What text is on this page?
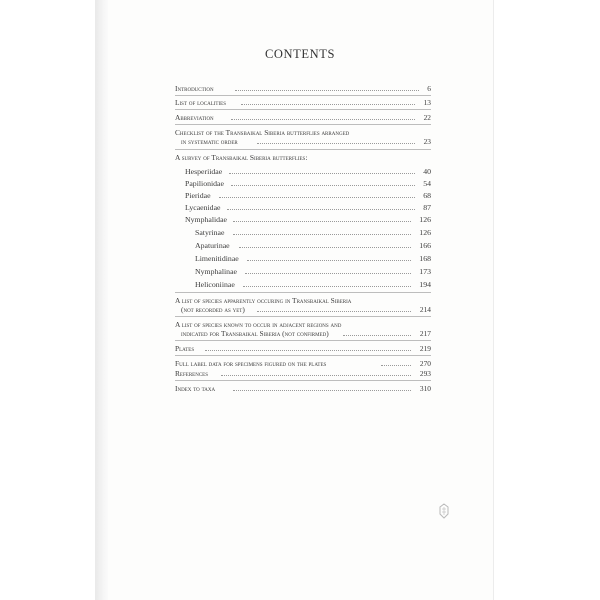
CONTENTS
Introduction	6
List of localities	13
Abbreviation	22
Checklist of the Transbaikal Siberia butterflies arranged
in systematic order	23
A survey of Transbaikal Siberia butterflies:
Hesperiidae	40
Papilionidae	54
Pieridae	68
Lycaenidae	87
Nymphalidae	126
Satyrinae	126
Apaturinae	166
Limenitidinae	168
Nymphalinae	173
Heliconiinae	194
A list of species apparently occuring in Transbaikal Siberia
(not recorded as yet)	214
A list of species known to occur in adjacent regions and
indicated for Transbaikal Siberia (not confirmed)	217
Plates	219
Full label data for specimens figured on the plates	270
References	293
Index to taxa	310
